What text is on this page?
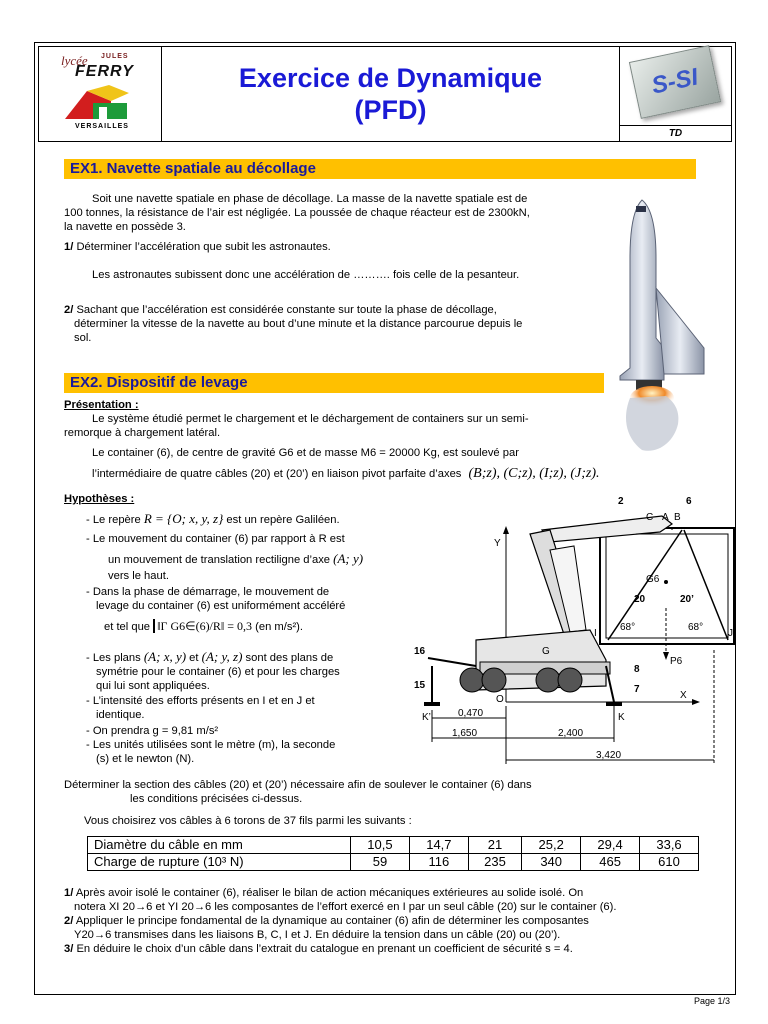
lycée JULES
FERRY
VERSAILLES
Exercice de Dynamique
(PFD)
S-SI
TD
EX1. Navette spatiale au décollage
Soit une navette spatiale en phase de décollage. La masse de la navette spatiale est de
100 tonnes, la résistance de l’air est négligée. La poussée de chaque réacteur est de 2300kN,
la navette en possède 3.
1/ Déterminer l’accélération que subit les astronautes.
Les astronautes subissent donc une accélération de ………. fois celle de la pesanteur.
2/ Sachant que l’accélération est considérée constante sur toute la phase de décollage,
déterminer la vitesse de la navette au bout d’une minute et la distance parcourue depuis le
sol.
EX2. Dispositif de levage
Présentation :
Le système étudié permet le chargement et le déchargement de containers sur un semi-
remorque à chargement latéral.
Le container (6), de centre de gravité G6 et de masse M6 = 20000 Kg, est soulevé par
l’intermédiaire de quatre câbles (20) et (20’) en liaison pivot parfaite d’axes (B;z), (C;z), (I;z), (J;z).
Hypothèses :
- Le repère R = {O; x, y, z} est un repère Galiléen.
- Le mouvement du container (6) par rapport à R est
un mouvement de translation rectiligne d’axe (A; y)
vers le haut.
- Dans la phase de démarrage, le mouvement de
levage du container (6) est uniformément accéléré
et tel que ‖Γ G6∈(6)/R‖ = 0,3 (en m/s²).
- Les plans (A; x, y) et (A; y, z) sont des plans de
symétrie pour le container (6) et pour les charges
qui lui sont appliquées.
- L’intensité des efforts présents en I et en J et
identique.
- On prendra g = 9,81 m/s²
- Les unités utilisées sont le mètre (m), la seconde
(s) et le newton (N).
2	6
C A B
Y
G6
20	20’
68°	68°
I	J
P6
16
15
G
8
7
O	X
K’	K
0,470
1,650	2,400
3,420
Déterminer la section des câbles (20) et (20’) nécessaire afin de soulever le container (6) dans
les conditions précisées ci-dessus.
Vous choisirez vos câbles à 6 torons de 37 fils parmi les suivants :
Diamètre du câble en mm	10,5	14,7	21	25,2	29,4	33,6
Charge de rupture (10³ N)	59	116	235	340	465	610
1/ Après avoir isolé le container (6), réaliser le bilan de action mécaniques extérieures au solide isolé. On
notera XI 20→6 et YI 20→6 les composantes de l’effort exercé en I par un seul câble (20) sur le container (6).
2/ Appliquer le principe fondamental de la dynamique au container (6) afin de déterminer les composantes
Y20→6 transmises dans les liaisons B, C, I et J. En déduire la tension dans un câble (20) ou (20’).
3/ En déduire le choix d’un câble dans l’extrait du catalogue en prenant un coefficient de sécurité s = 4.
Page 1/3
